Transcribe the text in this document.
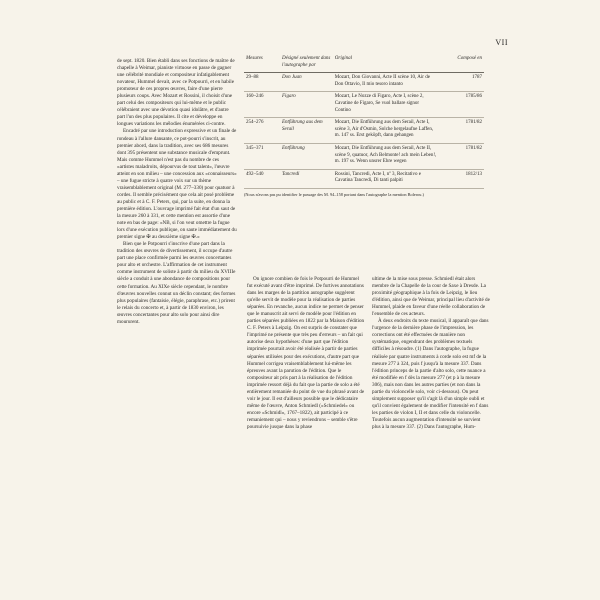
VII

de sept. 1820. Bien établi dans ses fonctions de maître de chapelle à Weimar, pianiste virtuose en passe de gagner une célébrité mondiale et compositeur infatigablement novateur, Hummel devait, avec ce Potpourri, et en habile promoteur de ces propres œuvres, faire d'une pierre plusieurs coups. Avec Mozart et Rossini, il choisit d'une part celui des compositeurs qui lui-même et le public célébraient avec une dévotion quasi idolâtre, et d'autre part l'un des plus populaires. Il cite et développe en longues variations les mélodies énumérées ci-contre.

Encadré par une introduction expressive et un finale de rondeau à l'allure dansante, ce pot-pourri s'inscrit, au premier abord, dans la tradition, avec ses 686 mesures dont 395 présentent une substance musicale d'emprunt. Mais comme Hummel n'est pas du nombre de ces «artistes maladroits, dépourvus de tout talent», l'œuvre atteint en son milieu – une concession aux «connaisseurs» – une fugue stricte à quatre voix sur un thème vraisemblablement original (M. 277–330) pour quatuor à cordes. Il semble précisément que cela ait posé problème au public et à C. F. Peters, qui, par la suite, en donna la première édition. L'ouvrage imprimé fait état d'un saut de la mesure 260 à 331, et cette mention est assortie d'une note en bas de page: «NB, si l'on veut omettre la fugue lors d'une exécution publique, on saute immédiatement du premier signe ✠ au deuxième signe ✠.»

Bien que le Potpourri s'inscrive d'une part dans la tradition des œuvres de divertissement, il occupe d'autre part une place confirmée parmi les œuvres concertantes pour alto et orchestre. L'affirmation de cet instrument comme instrument de soliste à partir du milieu du XVIIIe siècle a conduit à une abondance de compositions pour cette formation. Au XIXe siècle cependant, le nombre d'œuvres nouvelles connut un déclin constant; des formes plus populaires (fantaisie, élégie, paraphrase, etc.) prirent le relais du concerto et, à partir de 1830 environ, les œuvres concertantes pour alto solo pour ainsi dire moururent.

Mesures	Désigné seulement dans l'autographe par	Original	Composé en
29–88	Don Juan	Mozart, Don Giovanni, Acte II scène 10, Air de Don Ottavio, Il mio tesoro intanto	1787
160–246	Figaro	Mozart, Le Nozze di Figaro, Acte I, scène 2, Cavatine de Figaro, Se vuol ballare signor Contino	1785/86
254–276	Entführung aus dem Serail	Mozart, Die Entführung aus dem Serail, Acte I, scène 3, Air d'Osmin, Solche hergelaufne Laffen, m. 147 ss. Erst geköpft, dann gehangen	1781/82
345–371	Entführung	Mozart, Die Entführung aus dem Serail, Acte II, scène 9, quatuor, Ach Belmonte! ach mein Leben!, m. 197 ss. Wenn unsrer Ehre wegen	1781/82
492–540	Tancredi	Rossini, Tancredi, Acte I, nº 3, Recitativo e Cavatina Tancredi, Di tanti palpiti	1812/13
(Nous n'avons pas pu identifier le passage des M. 94–158 portant dans l'autographe la mention Bolerou.)

On ignore combien de fois le Potpourri de Hummel fut exécuté avant d'être imprimé. De furtives annotations dans les marges de la partition autographe suggèrent qu'elle servit de modèle pour la réalisation de parties séparées. En revanche, aucun indice ne permet de penser que le manuscrit ait servi de modèle pour l'édition en parties séparées publiées en 1822 par la Maison d'édition C. F. Peters à Leipzig. On est surpris de constater que l'imprimé ne présente que très peu d'erreurs – un fait qui autorise deux hypothèses: d'une part que l'édition imprimée pourrait avoir été réalisée à partir de parties séparées utilisées pour des exécutions, d'autre part que Hummel corrigea vraisemblablement lui-même les épreuves avant la parution de l'édition. Que le compositeur ait pris part à la réalisation de l'édition imprimée ressort déjà du fait que la partie de solo a été entièrement remaniée du point de vue du phrasé avant de voir le jour. Il est d'ailleurs possible que le dédicataire même de l'œuvre, Anton Schmiedl («Schmiedel» ou encore «Schmidl», 1767–1822), ait participé à ce remaniement qui – nous y reviendrons – semble s'être poursuivie jusque dans la phase

ultime de la mise sous presse. Schmiedl était alors membre de la Chapelle de la cour de Saxe à Dresde. La proximité géographique à la fois de Leipzig, le lieu d'édition, ainsi que de Weimar, principal lieu d'activité de Hummel, plaide en faveur d'une réelle collaboration de l'ensemble de ces acteurs.

À deux endroits du texte musical, il apparaît que dans l'urgence de la dernière phase de l'impression, les corrections ont été effectuées de manière non systématique, engendrant des problèmes textuels difficiles à résoudre. (1) Dans l'autographe, la fugue réalisée par quatre instruments à corde solo est mf de la mesure 277 à 324, puis f jusqu'à la mesure 337. Dans l'édition princeps de la partie d'alto solo, cette nuance a été modifiée en f dès la mesure 277 (et p à la mesure 306), mais non dans les autres parties (et non dans la partie du violoncelle solo, voir ci-dessous). On peut simplement supposer qu'il s'agit là d'un simple oubli et qu'il convient également de modifier l'intensité en f dans les parties de violon I, II et dans celle du violoncelle. Toutefois aucun augmentation d'intensité ne survient plus à la mesure 337. (2) Dans l'autographe, Hum-
